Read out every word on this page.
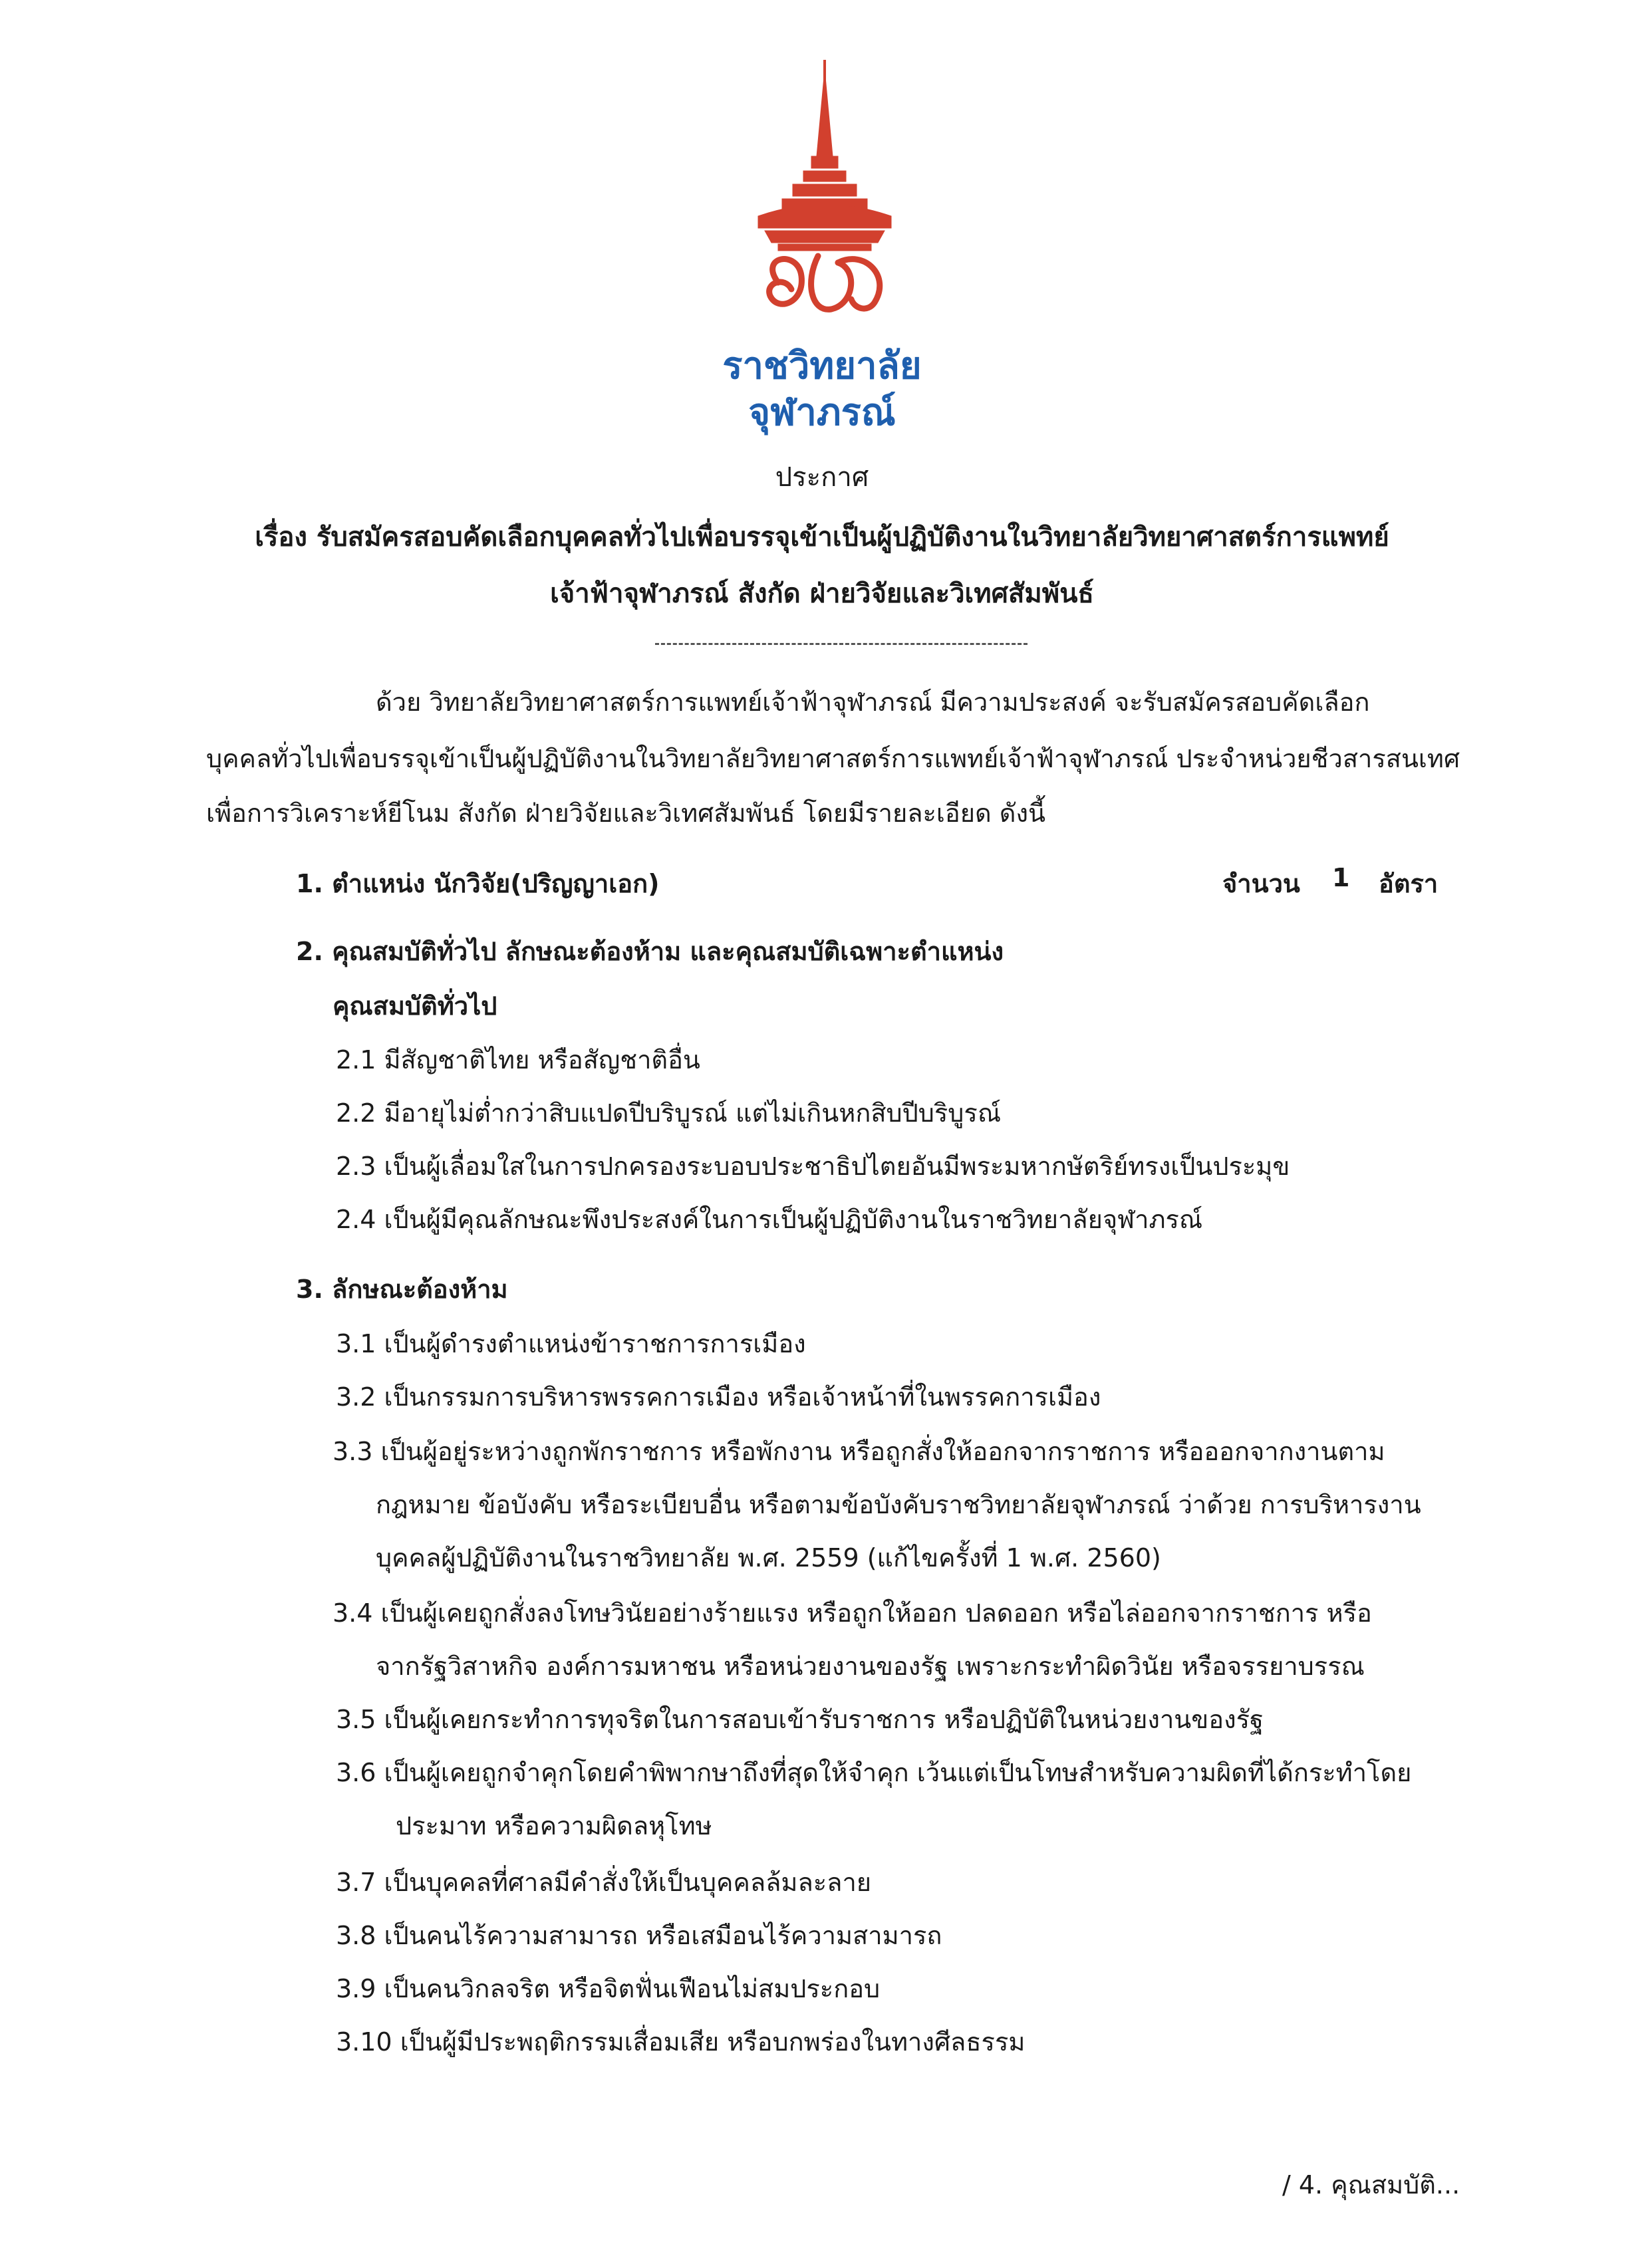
ราชวิทยาลัย
จุฬาภรณ์
ประกาศ
เรื่อง รับสมัครสอบคัดเลือกบุคคลทั่วไปเพื่อบรรจุเข้าเป็นผู้ปฏิบัติงานในวิทยาลัยวิทยาศาสตร์การแพทย์
เจ้าฟ้าจุฬาภรณ์ สังกัด ฝ่ายวิจัยและวิเทศสัมพันธ์
ด้วย วิทยาลัยวิทยาศาสตร์การแพทย์เจ้าฟ้าจุฬาภรณ์ มีความประสงค์ จะรับสมัครสอบคัดเลือก
บุคคลทั่วไปเพื่อบรรจุเข้าเป็นผู้ปฏิบัติงานในวิทยาลัยวิทยาศาสตร์การแพทย์เจ้าฟ้าจุฬาภรณ์ ประจำหน่วยชีวสารสนเทศ
เพื่อการวิเคราะห์ยีโนม สังกัด ฝ่ายวิจัยและวิเทศสัมพันธ์ โดยมีรายละเอียด ดังนี้
1. ตำแหน่ง นักวิจัย(ปริญญาเอก)	จำนวน 1 อัตรา
2. คุณสมบัติทั่วไป ลักษณะต้องห้าม และคุณสมบัติเฉพาะตำแหน่ง
คุณสมบัติทั่วไป
2.1 มีสัญชาติไทย หรือสัญชาติอื่น
2.2 มีอายุไม่ต่ำกว่าสิบแปดปีบริบูรณ์ แต่ไม่เกินหกสิบปีบริบูรณ์
2.3 เป็นผู้เลื่อมใสในการปกครองระบอบประชาธิปไตยอันมีพระมหากษัตริย์ทรงเป็นประมุข
2.4 เป็นผู้มีคุณลักษณะพึงประสงค์ในการเป็นผู้ปฏิบัติงานในราชวิทยาลัยจุฬาภรณ์
3. ลักษณะต้องห้าม
3.1 เป็นผู้ดำรงตำแหน่งข้าราชการการเมือง
3.2 เป็นกรรมการบริหารพรรคการเมือง หรือเจ้าหน้าที่ในพรรคการเมือง
3.3 เป็นผู้อยู่ระหว่างถูกพักราชการ หรือพักงาน หรือถูกสั่งให้ออกจากราชการ หรือออกจากงานตาม
กฎหมาย ข้อบังคับ หรือระเบียบอื่น หรือตามข้อบังคับราชวิทยาลัยจุฬาภรณ์ ว่าด้วย การบริหารงาน
บุคคลผู้ปฏิบัติงานในราชวิทยาลัย พ.ศ. 2559 (แก้ไขครั้งที่ 1 พ.ศ. 2560)
3.4 เป็นผู้เคยถูกสั่งลงโทษวินัยอย่างร้ายแรง หรือถูกให้ออก ปลดออก หรือไล่ออกจากราชการ หรือ
จากรัฐวิสาหกิจ องค์การมหาชน หรือหน่วยงานของรัฐ เพราะกระทำผิดวินัย หรือจรรยาบรรณ
3.5 เป็นผู้เคยกระทำการทุจริตในการสอบเข้ารับราชการ หรือปฏิบัติในหน่วยงานของรัฐ
3.6 เป็นผู้เคยถูกจำคุกโดยคำพิพากษาถึงที่สุดให้จำคุก เว้นแต่เป็นโทษสำหรับความผิดที่ได้กระทำโดย
ประมาท หรือความผิดลหุโทษ
3.7 เป็นบุคคลที่ศาลมีคำสั่งให้เป็นบุคคลล้มละลาย
3.8 เป็นคนไร้ความสามารถ หรือเสมือนไร้ความสามารถ
3.9 เป็นคนวิกลจริต หรือจิตฟั่นเฟือนไม่สมประกอบ
3.10 เป็นผู้มีประพฤติกรรมเสื่อมเสีย หรือบกพร่องในทางศีลธรรม
/ 4. คุณสมบัติ...
